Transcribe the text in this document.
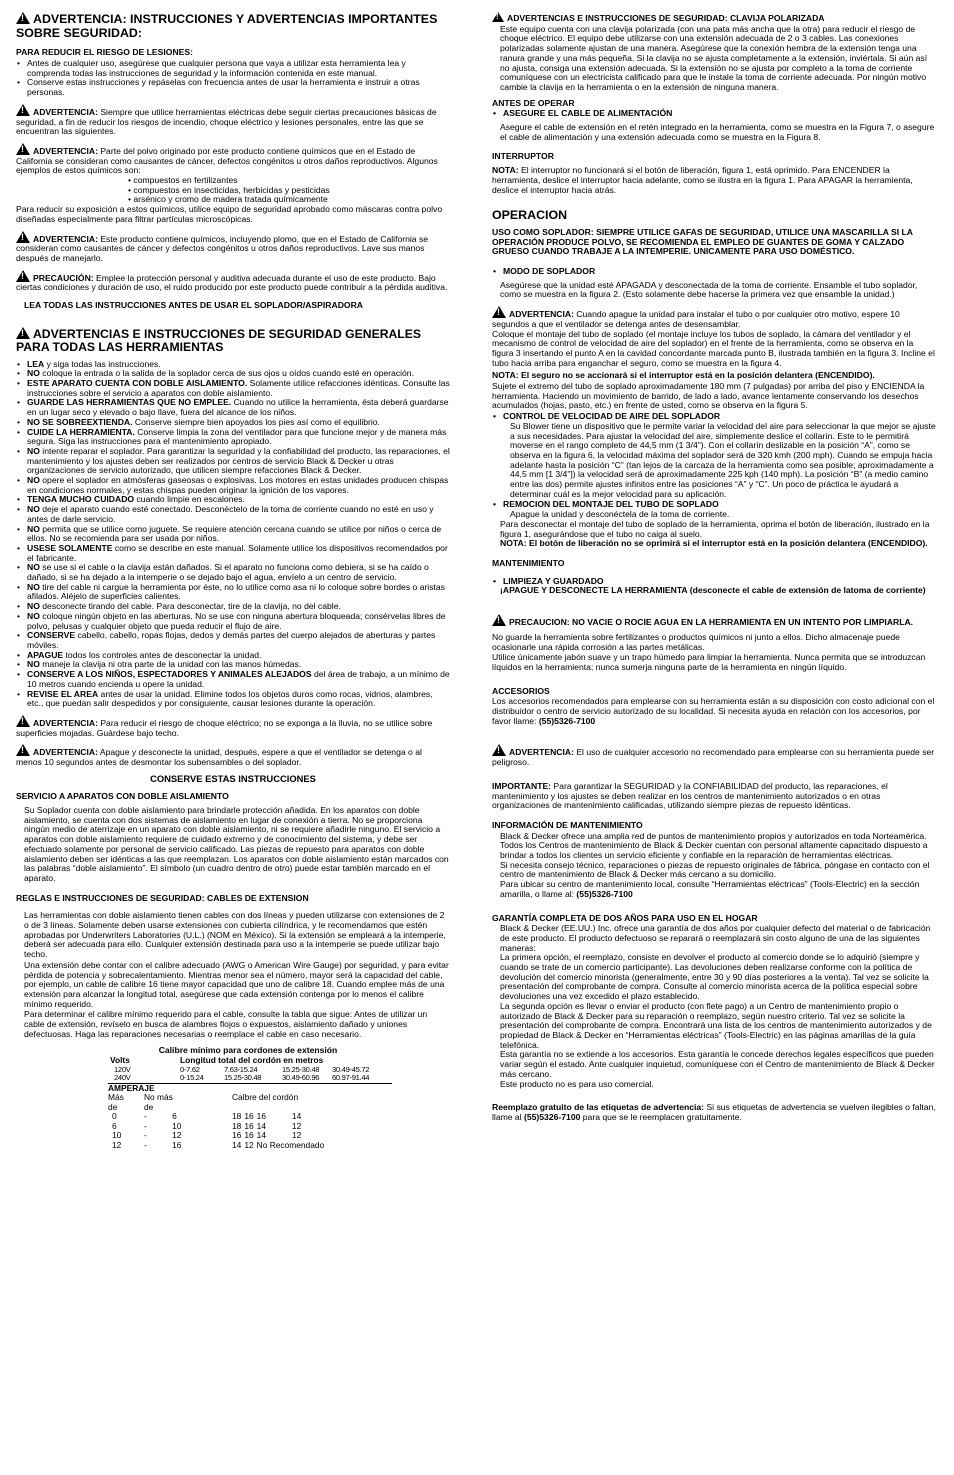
!ADVERTENCIA: INSTRUCCIONES Y ADVERTENCIAS IMPORTANTES SOBRE SEGURIDAD:
PARA REDUCIR EL RIESGO DE LESIONES:
• Antes de cualquier uso, asegúrese que cualquier persona que vaya a utilizar esta herramienta lea y comprenda todas las instrucciones de seguridad y la información contenida en este manual.
• Conserve estas instrucciones y repáselas con frecuencia antes de usar la herramienta e instruir a otras personas.
!ADVERTENCIA: Siempre que utilice herramientas eléctricas debe seguir ciertas precauciones básicas de seguridad, a fin de reducir los riesgos de incendio, choque eléctrico y lesiones personales, entre las que se encuentran las siguientes.
!ADVERTENCIA: Parte del polvo originado por este producto contiene químicos que en el Estado de California se consideran como causantes de cáncer, defectos congénitos u otros daños reproductivos. Algunos ejemplos de estos químicos son:
• compuestos en fertilizantes
• compuestos en insecticidas, herbicidas y pesticidas
• arsénico y cromo de madera tratada químicamente
Para reducir su exposición a estos químicos, utilice equipo de seguridad aprobado como máscaras contra polvo diseñadas especialmente para filtrar partículas microscópicas.
!ADVERTENCIA: Este producto contiene químicos, incluyendo plomo, que en el Estado de California se consideran como causantes de cáncer y defectos congénitos u otros daños reproductivos. Lave sus manos después de manejarlo.
!PRECAUCIÓN: Emplee la protección personal y auditiva adecuada durante el uso de este producto. Bajo ciertas condiciones y duración de uso, el ruido producido por este producto puede contribuir a la pérdida auditiva.
LEA TODAS LAS INSTRUCCIONES ANTES DE USAR EL SOPLADOR/ASPIRADORA
!ADVERTENCIAS E INSTRUCCIONES DE SEGURIDAD GENERALES PARA TODAS LAS HERRAMIENTAS
• LEA y siga todas las instrucciones.
• NO coloque la entrada o la salida de la soplador cerca de sus ojos u oídos cuando esté en operación.
• ESTE APARATO CUENTA CON DOBLE AISLAMIENTO. Solamente utilice refacciones idénticas. Consulte las instrucciones sobre el servicio a aparatos con doble aislamiento.
• GUARDE LAS HERRAMIENTAS QUE NO EMPLEE. Cuando no utilice la herramienta, ésta deberá guardarse en un lugar seco y elevado o bajo llave, fuera del alcance de los niños.
• NO SE SOBREEXTIENDA. Conserve siempre bien apoyados los pies así como el equilibrio.
• CUIDE LA HERRAMIENTA. Conserve limpia la zona del ventilador para que funcione mejor y de manera más segura. Siga las instrucciones para el mantenimiento apropiado.
• NO intente reparar el soplador. Para garantizar la seguridad y la confiabilidad del producto, las reparaciones, el mantenimiento y los ajustes deben ser realizados por centros de servicio Black & Decker u otras organizaciones de servicio autorizado, que utilicen siempre refacciones Black & Decker.
• NO opere el soplador en atmósferas gaseosas o explosivas. Los motores en estas unidades producen chispas en condiciones normales, y estas chispas pueden originar la ignición de los vapores.
• TENGA MUCHO CUIDADO cuando limpie en escalones.
• NO deje el aparato cuando esté conectado. Desconéctelo de la toma de corriente cuando no esté en uso y antes de darle servicio.
• NO permita que se utilice como juguete. Se requiere atención cercana cuando se utilice por niños o cerca de ellos. No se recomienda para ser usada por niños.
• USESE SOLAMENTE como se describe en este manual. Solamente utilice los dispositivos recomendados por el fabricante.
• NO se use si el cable o la clavija están dañados. Si el aparato no funciona como debiera, si se ha caído o dañado, si se ha dejado a la intemperie o se dejado bajo el agua, envíelo a un centro de servicio.
• NO tire del cable ni cargue la herramienta por éste, no lo utilice como asa ni lo coloque sobre bordes o aristas afilados. Aléjelo de superficies calientes.
• NO desconecte tirando del cable. Para desconectar, tire de la clavija, no del cable.
• NO coloque ningún objeto en las aberturas. No se use con ninguna abertura bloqueada; consérvelas libres de polvo, pelusas y cualquier objeto que pueda reducir el flujo de aire.
• CONSERVE cabello, cabello, ropas flojas, dedos y demás partes del cuerpo alejados de aberturas y partes móviles.
• APAGUE todos los controles antes de desconectar la unidad.
• NO maneje la clavija ni otra parte de la unidad con las manos húmedas.
• CONSERVE A LOS NIÑOS, ESPECTADORES Y ANIMALES ALEJADOS del área de trabajo, a un mínimo de 10 metros cuando encienda u opere la unidad.
• REVISE EL AREA antes de usar la unidad. Elimine todos los objetos duros como rocas, vidrios, alambres, etc., que puedan salir despedidos y por consiguiente, causar lesiones durante la operación.
!ADVERTENCIA: Para reducir el riesgo de choque eléctrico; no se exponga a la lluvia, no se utilice sobre superficies mojadas. Guárdese bajo techo.
!ADVERTENCIA: Apague y desconecte la unidad, después, espere a que el ventilador se detenga o al menos 10 segundos antes de desmontar los subensambles o del soplador.
CONSERVE ESTAS INSTRUCCIONES
SERVICIO A APARATOS CON DOBLE AISLAMIENTO
Su Soplador cuenta con doble aislamiento para brindarle protección añadida. En los aparatos con doble aislamiento, se cuenta con dos sistemas de aislamiento en lugar de conexión a tierra. No se proporciona ningún medio de aterrizaje en un aparato con doble aislamiento, ni se requiere añadirle ninguno. El servicio a aparatos con doble aislamiento requiere de cuidado extremo y de conocimiento del sistema, y debe ser efectuado solamente por personal de servicio calificado. Las piezas de repuesto para aparatos con doble aislamiento deben ser idénticas a las que reemplazan. Los aparatos con doble aislamiento están marcados con las palabras “doble aislamiento”. El símbolo (un cuadro dentro de otro) puede estar también marcado en el aparato.
REGLAS E INSTRUCCIONES DE SEGURIDAD: CABLES DE EXTENSION
Las herramientas con doble aislamiento tienen cables con dos líneas y pueden utilizarse con extensiones de 2 o de 3 líneas. Solamente deben usarse extensiones con cubierta cilíndrica, y le recomendamos que estén aprobadas por Underwriters Laboratories (U.L.) (NOM en México). Si la extensión se empleará a la intemperie, deberá ser adecuada para ello. Cualquier extensión destinada para uso a la intemperie se puede utilizar bajo techo.
Una extensión debe contar con el calibre adecuado (AWG o American Wire Gauge) por seguridad, y para evitar pérdida de potencia y sobrecalentamiento. Mientras menor sea el número, mayor será la capacidad del cable, por ejemplo, un cable de calibre 16 tiene mayor capacidad que uno de calibre 18. Cuando emplee más de una extensión para alcanzar la longitud total, asegúrese que cada extensión contenga por lo menos el calibre mínimo requerido.
Para determinar el calibre mínimo requerido para el cable, consulte la tabla que sigue: Antes de utilizar un cable de extensión, revíselo en busca de alambres flojos o expuestos, aislamiento dañado y uniones defectuosas. Haga las reparaciones necesarias o reemplace el cable en caso necesario.
Calibre mínimo para cordones de extensión
Volts	Longitud total del cordón en metros			
120V	0-7.62	7.63-15.24	15.25-30.48	30.49-45.72
240V	0-15.24	15.25-30.48	30.49-60.96	60.97-91.44
AMPERAJE							
Más
de	No más
de		Calbre del cordón				
0	-	6	18	16	16	14	
6	-	10	18	16	14	12	
10	-	12	16	16	14	12	
12	-	16	14	12	No Recomendado		
!ADVERTENCIAS E INSTRUCCIONES DE SEGURIDAD: CLAVIJA POLARIZADA
Este equipo cuenta con una clavija polarizada (con una pata más ancha que la otra) para reducir el riesgo de choque eléctrico. El equipo debe utilizarse con una extensión adecuada de 2 o 3 cables. Las conexiones polarizadas solamente ajustan de una manera. Asegúrese que la conexión hembra de la extensión tenga una ranura grande y una más pequeña. Si la clavija no se ajusta completamente a la extensión, inviértala. Si aún así no ajusta, consiga una extensión adecuada. Si la extensión no se ajusta por completo a la toma de corriente comuníquese con un electricista calificado para que le instale la toma de corriente adecuada. Por ningún motivo cambie la clavija en la herramienta o en la extensión de ninguna manera.
ANTES DE OPERAR
• ASEGURE EL CABLE DE ALIMENTACIÓN
Asegure el cable de extensión en el retén integrado en la herramienta, como se muestra en la Figura 7, o asegure el cable de alimentación y una extensión adecuada como se muestra en la Figura 8.
INTERRUPTOR
NOTA: El interruptor no funcionará si el botón de liberación, figura 1, está oprimido. Para ENCENDER la herramienta, deslice el interruptor hacia adelante, como se ilustra en la figura 1. Para APAGAR la herramienta, deslice el interruptor hacia atrás.
OPERACION
USO COMO SOPLADOR: SIEMPRE UTILICE GAFAS DE SEGURIDAD, UTILICE UNA MASCARILLA SI LA OPERACIÓN PRODUCE POLVO, SE RECOMIENDA EL EMPLEO DE GUANTES DE GOMA Y CALZADO GRUESO CUANDO TRABAJE A LA INTEMPERIE. UNICAMENTE PARA USO DOMÉSTICO.
• MODO DE SOPLADOR
Asegúrese que la unidad esté APAGADA y desconectada de la toma de corriente. Ensamble el tubo soplador, como se muestra en la figura 2. (Esto solamente debe hacerse la primera vez que ensamble la unidad.)
!ADVERTENCIA: Cuando apague la unidad para instalar el tubo o por cualquier otro motivo, espere 10 segundos a que el ventilador se detenga antes de desensamblar.
Coloque el montaje del tubo de soplado (el montaje incluye los tubos de soplado, la cámara del ventilador y el mecanismo de control de velocidad de aire del soplador) en el frente de la herramienta, como se observa en la figura 3 insertando el punto A en la cavidad concordante marcada punto B, ilustrada también en la figura 3. Incline el tubo hacia arriba para enganchar el seguro, como se muestra en la figura 4.
NOTA: El seguro no se accionará si el interruptor está en la posición delantera (ENCENDIDO).
Sujete el extremo del tubo de soplado aproximadamente 180 mm (7 pulgadas) por arriba del piso y ENCIENDA la herramienta. Haciendo un movimiento de barrido, de lado a lado, avance lentamente conservando los desechos acumulados (hojas, pasto, etc.) en frente de usted, como se observa en la figura 5.
• CONTROL DE VELOCIDAD DE AIRE DEL SOPLADOR
Su Blower tiene un dispositivo que le permite variar la velocidad del aire para seleccionar la que mejor se ajuste a sus necesidades. Para ajustar la velocidad del aire, simplemente deslice el collarín. Este to le permitirá moverse en el rango completo de 44,5 mm (1 3/4"). Con el collarín deslizable en la posición “A”, como se observa en la figura 6, la velocidad máxima del soplador será de 320 kmh (200 mph). Cuando se empuja hacia adelante hasta la posición “C” (tan lejos de la carcaza de la herramienta como sea posible; aproximadamente a 44,5 mm [1 3/4"]) la velocidad será de aproximadamente 225 kph (140 mph). La posición “B” (a medio camino entre las dos) permite ajustes infinitos entre las posiciones “A” y “C”. Un poco de práctica le ayudará a determinar cuál es la mejor velocidad para su aplicación.
• REMOCION DEL MONTAJE DEL TUBO DE SOPLADO
Apague la unidad y desconéctela de la toma de corriente.
Para desconectar el montaje del tubo de soplado de la herramienta, oprima el botón de liberación, ilustrado en la figura 1, asegurándose que el tubo no caiga al suelo.
NOTA: El botón de liberación no se oprimirá si el interruptor está en la posición delantera (ENCENDIDO).
MANTENIMIENTO
• LIMPIEZA Y GUARDADO
¡APAGUE Y DESCONECTE LA HERRAMIENTA (desconecte el cable de extensión de latoma de corriente)
!PRECAUCION: NO VACIE O ROCIE AGUA EN LA HERRAMIENTA EN UN INTENTO POR LIMPIARLA.
No guarde la herramienta sobre fertilizantes o productos químicos ni junto a ellos. Dicho almacenaje puede ocasionarle una rápida corrosión a las partes metálicas.
Utilice únicamente jabón suave y un trapo húmedo para limpiar la herramienta. Nunca permita que se introduzcan líquidos en la herramienta; nunca sumerja ninguna parte de la herramienta en ningún líquido.
ACCESORIOS
Los accesorios recomendados para emplearse con su herramienta están a su disposición con costo adicional con el distribuidor o centro de servicio autorizado de su localidad. Si necesita ayuda en relación con los accesorios, por favor llame: (55)5326-7100
!ADVERTENCIA: El uso de cualquier accesorio no recomendado para emplearse con su herramienta puede ser peligroso.
IMPORTANTE: Para garantizar la SEGURIDAD y la CONFIABILIDAD del producto, las reparaciones, el mantenimiento y los ajustes se deben realizar en los centros de mantenimiento autorizados o en otras organizaciones de mantenimiento calificadas, utilizando siempre piezas de repuesto idénticas.
INFORMACIÓN DE MANTENIMIENTO
Black & Decker ofrece una amplia red de puntos de mantenimiento propios y autorizados en toda Norteamérica. Todos los Centros de mantenimiento de Black & Decker cuentan con personal altamente capacitado dispuesto a brindar a todos los clientes un servicio eficiente y confiable en la reparación de herramientas eléctricas.
Si necesita consejo técnico, reparaciones o piezas de repuesto originales de fábrica, póngase en contacto con el centro de mantenimiento de Black & Decker más cercano a su domicilio.
Para ubicar su centro de mantenimiento local, consulte “Herramientas eléctricas” (Tools-Electric) en la sección amarilla, o llame al: (55)5326-7100
GARANTÍA COMPLETA DE DOS AÑOS PARA USO EN EL HOGAR
Black & Decker (EE.UU.) Inc. ofrece una garantía de dos años por cualquier defecto del material o de fabricación de este producto. El producto defectuoso se reparará o reemplazará sin costo alguno de una de las siguientes maneras:
La primera opción, el reemplazo, consiste en devolver el producto al comercio donde se lo adquirió (siempre y cuando se trate de un comercio participante). Las devoluciones deben realizarse conforme con la política de devolución del comercio minorista (generalmente, entre 30 y 90 días posteriores a la venta). Tal vez se solicite la presentación del comprobante de compra. Consulte al comercio minorista acerca de la política especial sobre devoluciones una vez excedido el plazo establecido.
La segunda opción es llevar o enviar el producto (con flete pago) a un Centro de mantenimiento propio o autorizado de Black & Decker para su reparación o reemplazo, según nuestro criterio. Tal vez se solicite la presentación del comprobante de compra. Encontrará una lista de los centros de mantenimiento autorizados y de propiedad de Black & Decker en “Herramientas eléctricas” (Tools-Electric) en las páginas amarillas de la guía telefónica.
Esta garantía no se extiende a los accesorios. Esta garantía le concede derechos legales específicos que pueden variar según el estado. Ante cualquier inquietud, comuníquese con el Centro de mantenimiento de Black & Decker más cercano.
Este producto no es para uso comercial.
Reemplazo gratuito de las etiquetas de advertencia: Si sus etiquetas de advertencia se vuelven ilegibles o faltan, llame al (55)5326-7100 para que se le reemplacen gratuitamente.
